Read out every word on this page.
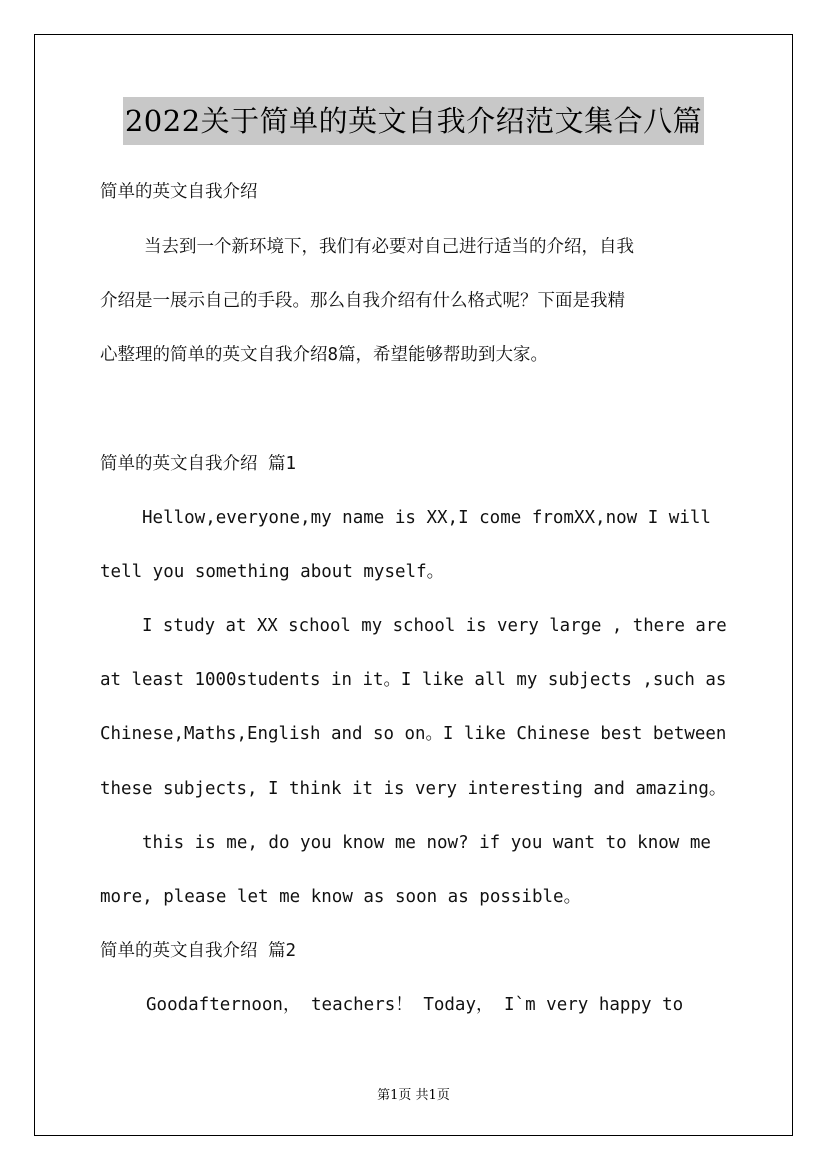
2022关于简单的英文自我介绍范文集合八篇
简单的英文自我介绍
当去到一个新环境下，我们有必要对自己进行适当的介绍，自我
介绍是一展示自己的手段。那么自我介绍有什么格式呢？下面是我精
心整理的简单的英文自我介绍8篇，希望能够帮助到大家。
简单的英文自我介绍 篇1
Hellow,everyone,my name is XX,I come fromXX,now I will
tell you something about myself。
I study at XX school my school is very large , there are
at least 1000students in it。I like all my subjects ,such as
Chinese,Maths,English and so on。I like Chinese best between
these subjects, I think it is very interesting and amazing。
this is me, do you know me now? if you want to know me
more, please let me know as soon as possible。
简单的英文自我介绍 篇2
Goodafternoon， teachers！ Today， I`m very happy to
第1页 共1页
